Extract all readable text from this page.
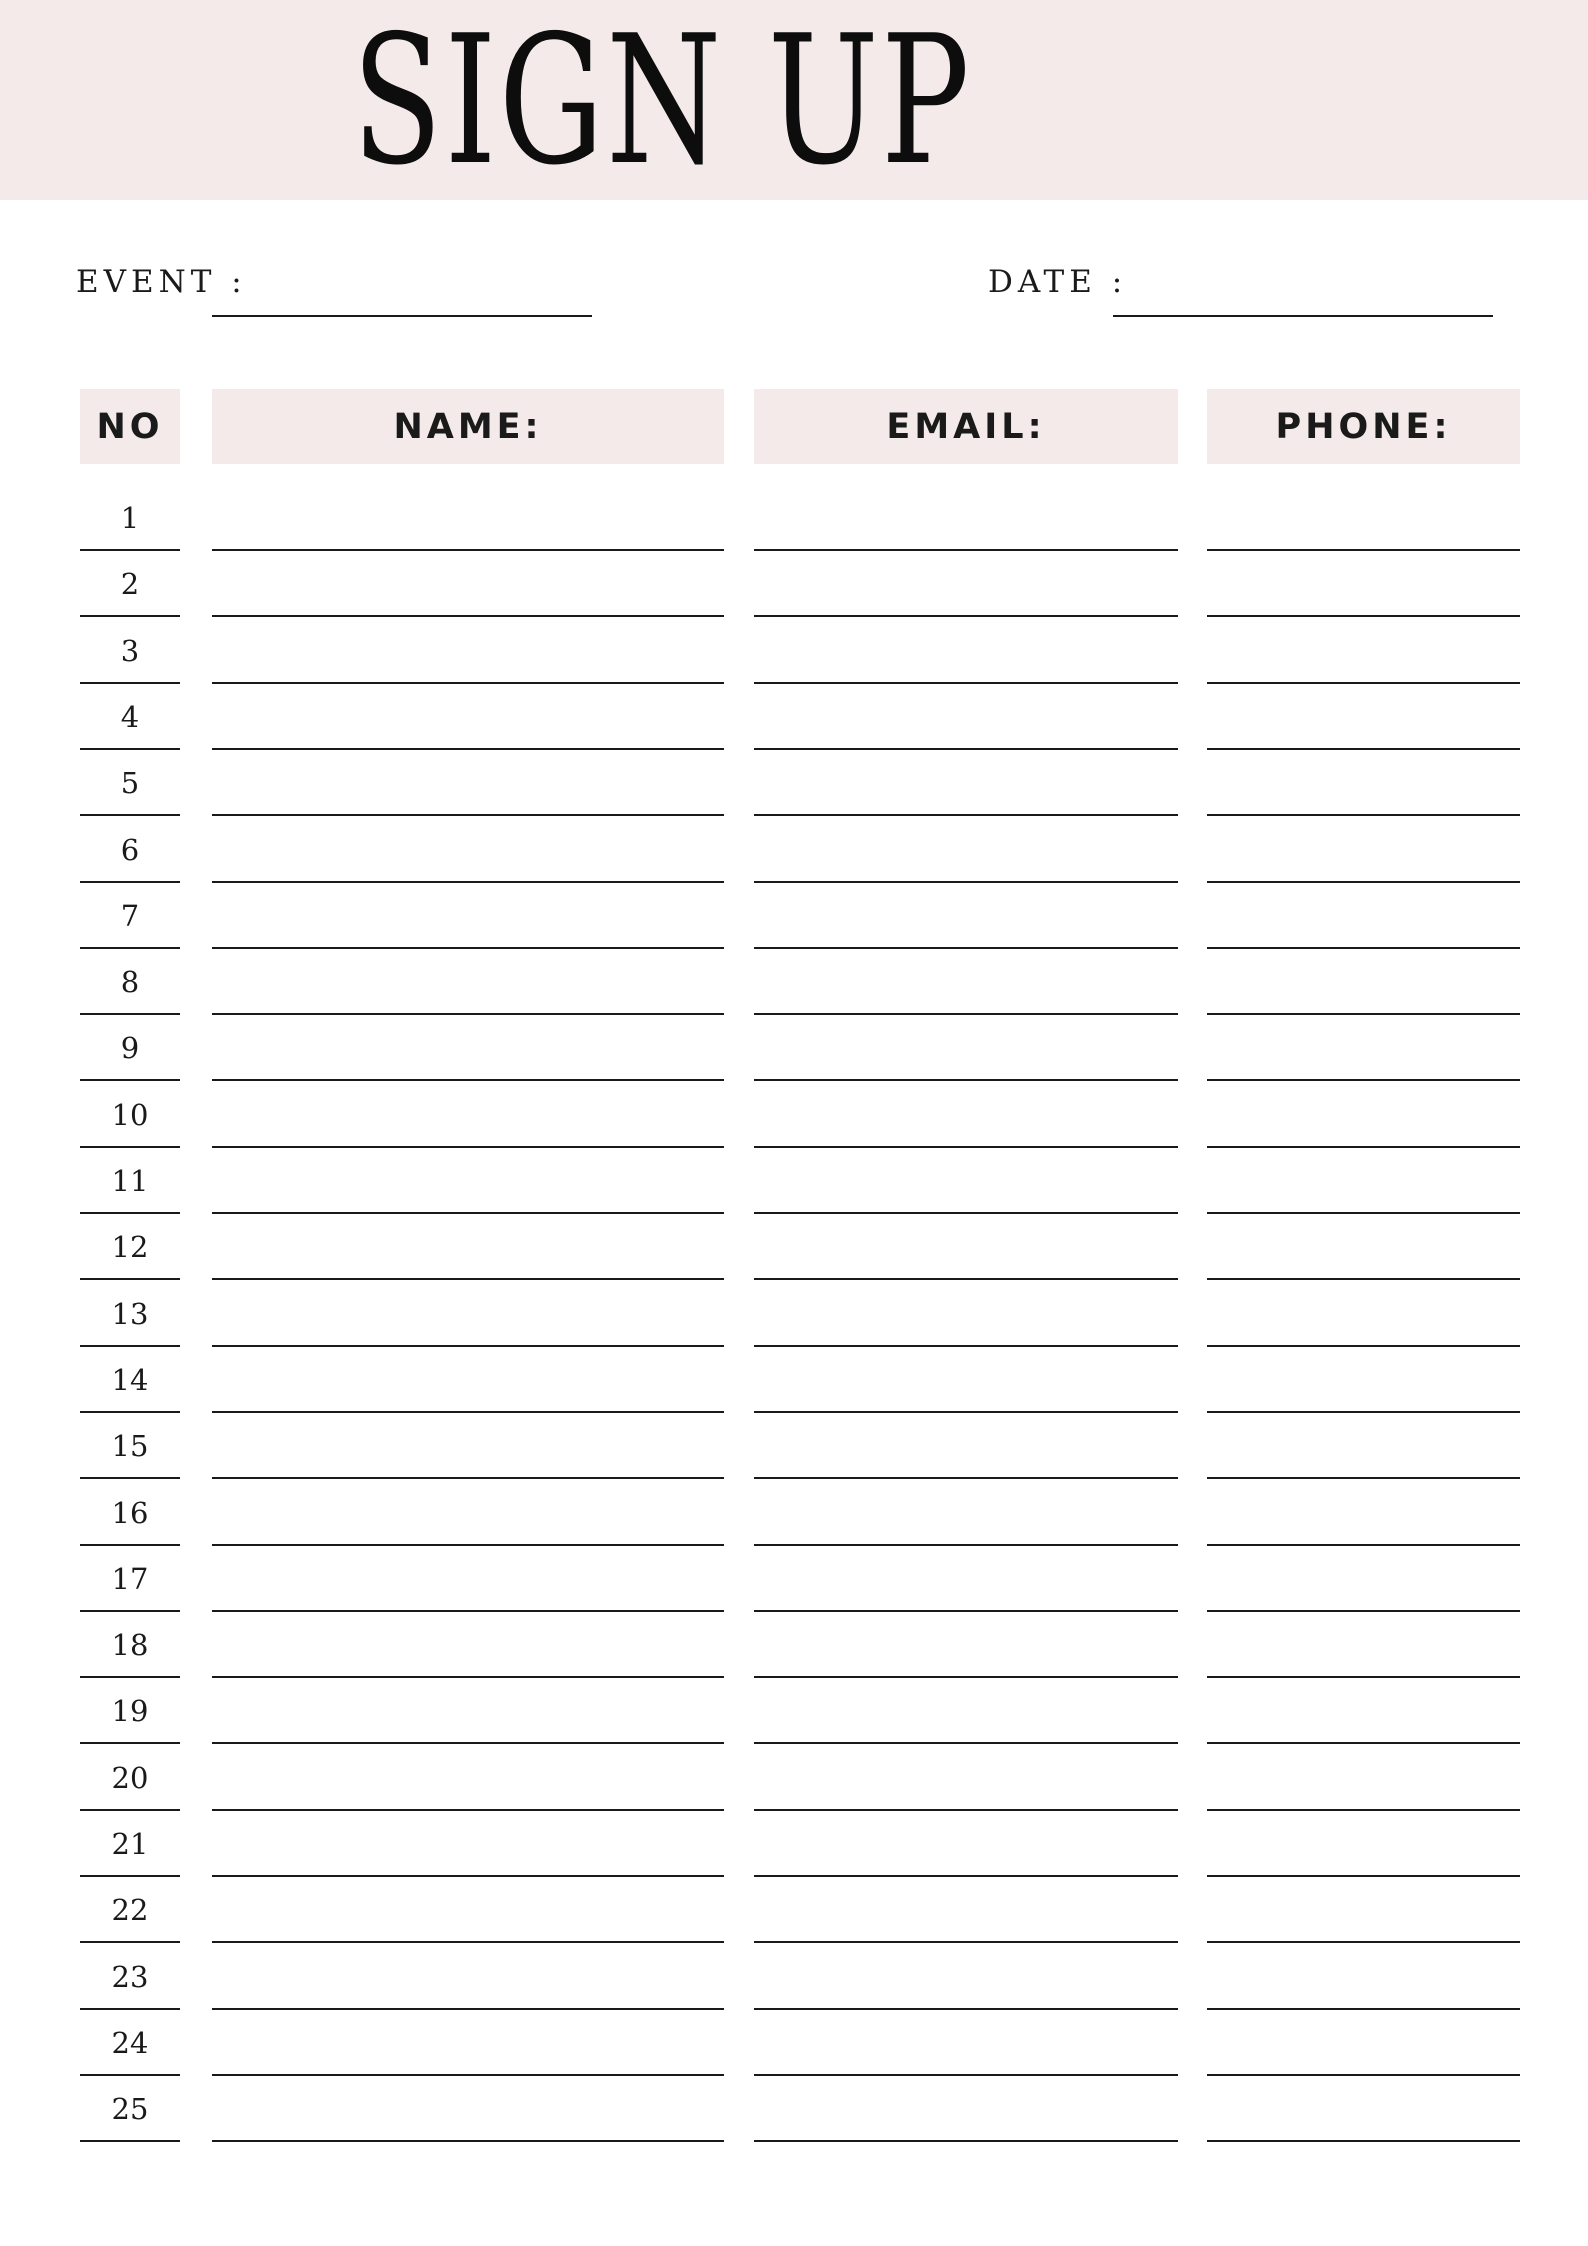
SIGN UP
EVENT :	DATE :
NO	NAME:	EMAIL:	PHONE:
1
2
3
4
5
6
7
8
9
10
11
12
13
14
15
16
17
18
19
20
21
22
23
24
25
